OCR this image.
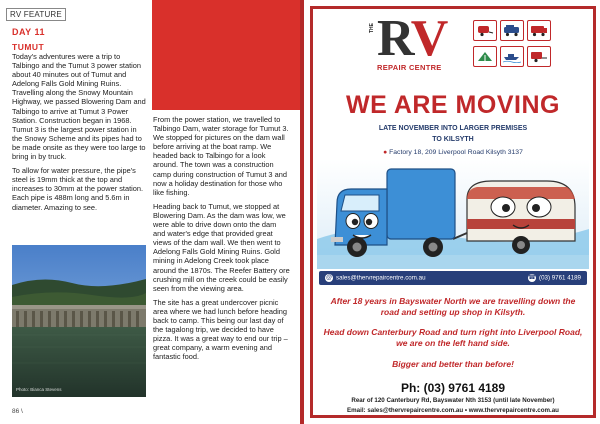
RV FEATURE
DAY 11
TUMUT

Today's adventures were a trip to Talbingo and the Tumut 3 power station about 40 minutes out of Tumut and Adelong Falls Gold Mining Ruins. Travelling along the Snowy Mountain Highway, we passed Blowering Dam and Talbingo to arrive at Tumut 3 Power Station. Construction began in 1968. Tumut 3 is the largest power station in the Snowy Scheme and its pipes had to be made onsite as they were too large to bring in by truck.

To allow for water pressure, the pipe's steel is 19mm thick at the top and increases to 30mm at the power station. Each pipe is 488m long and 5.6m in diameter. Amazing to see.

Photo: Bianca Stevens

From the power station, we travelled to Talbingo Dam, water storage for Tumut 3. We stopped for pictures on the dam wall before arriving at the boat ramp. We headed back to Talbingo for a look around. The town was a construction camp during construction of Tumut 3 and now a holiday destination for those who like fishing.

Heading back to Tumut, we stopped at Blowering Dam. As the dam was low, we were able to drive down onto the dam and water's edge that provided great views of the dam wall. We then went to Adelong Falls Gold Mining Ruins. Gold mining in Adelong Creek took place around the 1870s. The Reefer Battery ore crushing mill on the creek could be easily seen from the viewing area.

The site has a great undercover picnic area where we had lunch before heading back to camp. This being our last day of the tagalong trip, we decided to have pizza. It was a great way to end our trip – great company, a warm evening and fantastic food.

86 \
THE RV
REPAIR CENTRE
WE ARE MOVING
LATE NOVEMBER INTO LARGER PREMISES
TO KILSYTH
● Factory 18, 209 Liverpool Road Kilsyth 3137
@ sales@thervrepaircentre.com.au	☎ (03) 9761 4189
After 18 years in Bayswater North we are travelling down the road and setting up shop in Kilsyth.
Head down Canterbury Road and turn right into Liverpool Road, we are on the left hand side.
Bigger and better than before!
Ph: (03) 9761 4189
Rear of 120 Canterbury Rd, Bayswater Nth 3153 (until late November)
Email: sales@thervrepaircentre.com.au • www.thervrepaircentre.com.au
